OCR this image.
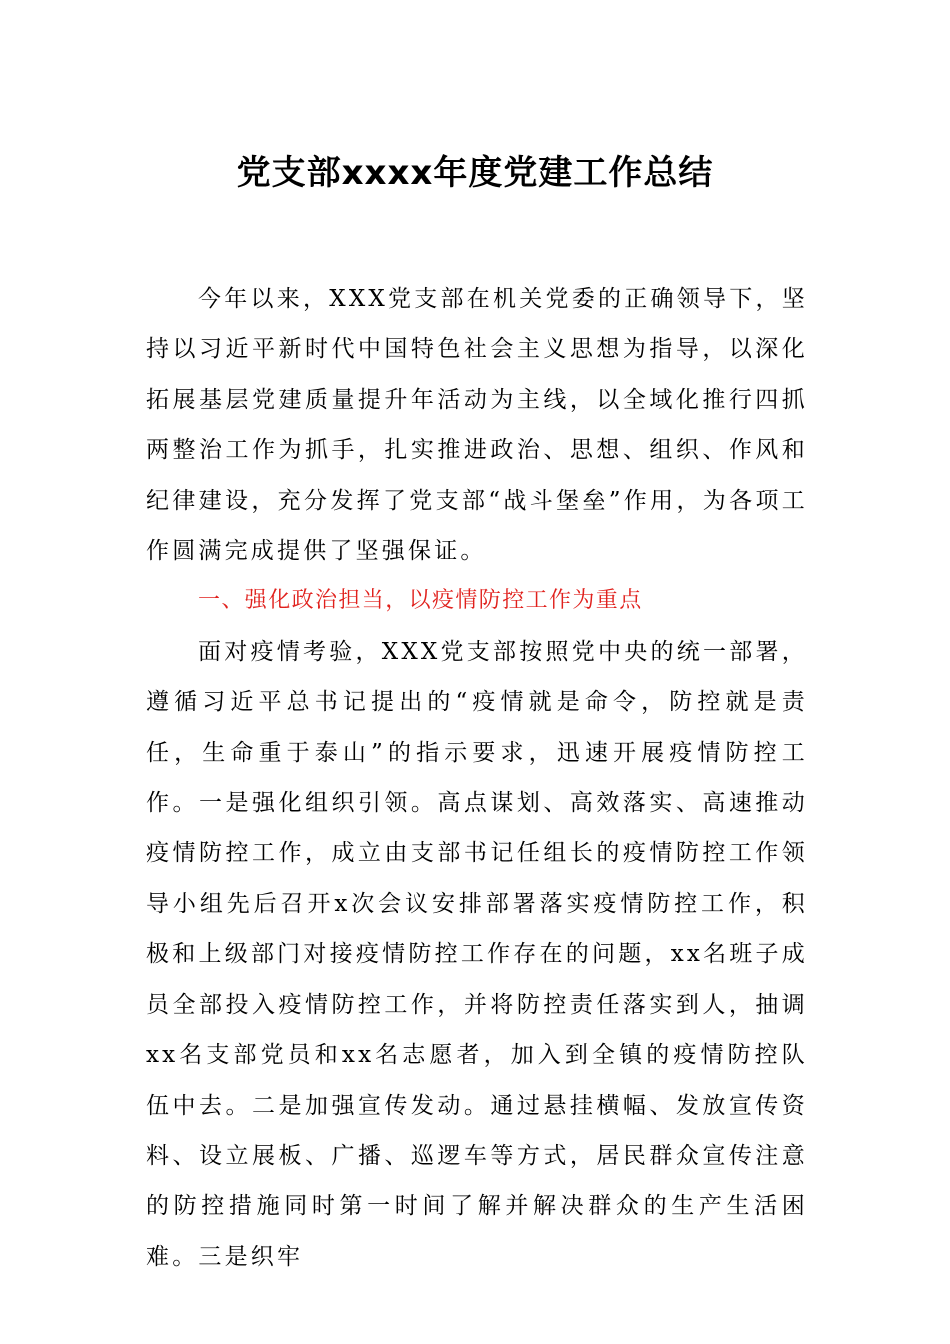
党支部xxxx年度党建工作总结

今年以来，XXX党支部在机关党委的正确领导下，坚持以习近平新时代中国特色社会主义思想为指导，以深化拓展基层党建质量提升年活动为主线，以全域化推行四抓两整治工作为抓手，扎实推进政治、思想、组织、作风和纪律建设，充分发挥了党支部“战斗堡垒”作用，为各项工作圆满完成提供了坚强保证。

一、强化政治担当，以疫情防控工作为重点

面对疫情考验，XXX党支部按照党中央的统一部署，遵循习近平总书记提出的“疫情就是命令，防控就是责任，生命重于泰山”的指示要求，迅速开展疫情防控工作。一是强化组织引领。高点谋划、高效落实、高速推动疫情防控工作，成立由支部书记任组长的疫情防控工作领导小组先后召开x次会议安排部署落实疫情防控工作，积极和上级部门对接疫情防控工作存在的问题，xx名班子成员全部投入疫情防控工作，并将防控责任落实到人，抽调xx名支部党员和xx名志愿者，加入到全镇的疫情防控队伍中去。二是加强宣传发动。通过悬挂横幅、发放宣传资料、设立展板、广播、巡逻车等方式，居民群众宣传注意的防控措施同时第一时间了解并解决群众的生产生活困难。三是织牢
